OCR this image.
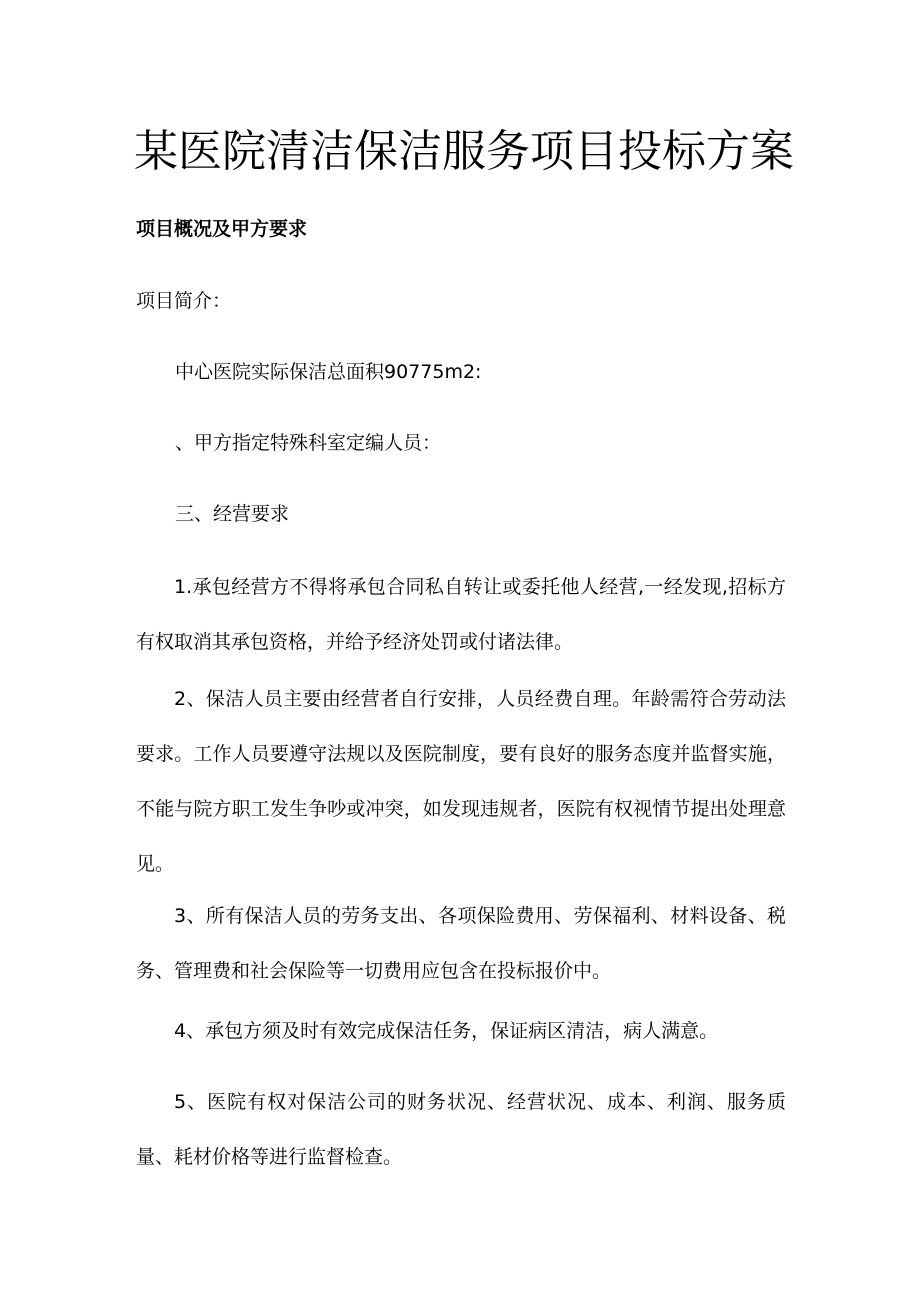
某医院清洁保洁服务项目投标方案
项目概况及甲方要求
项目简介：
中心医院实际保洁总面积90775m2:
、甲方指定特殊科室定编人员：
三、经营要求
1.承包经营方不得将承包合同私自转让或委托他人经营,一经发现,招标方有权取消其承包资格，并给予经济处罚或付诸法律。
2、保洁人员主要由经营者自行安排，人员经费自理。年龄需符合劳动法要求。工作人员要遵守法规以及医院制度，要有良好的服务态度并监督实施，不能与院方职工发生争吵或冲突，如发现违规者，医院有权视情节提出处理意见。
3、所有保洁人员的劳务支出、各项保险费用、劳保福利、材料设备、税务、管理费和社会保险等一切费用应包含在投标报价中。
4、承包方须及时有效完成保洁任务，保证病区清洁，病人满意。
5、医院有权对保洁公司的财务状况、经营状况、成本、利润、服务质量、耗材价格等进行监督检查。
